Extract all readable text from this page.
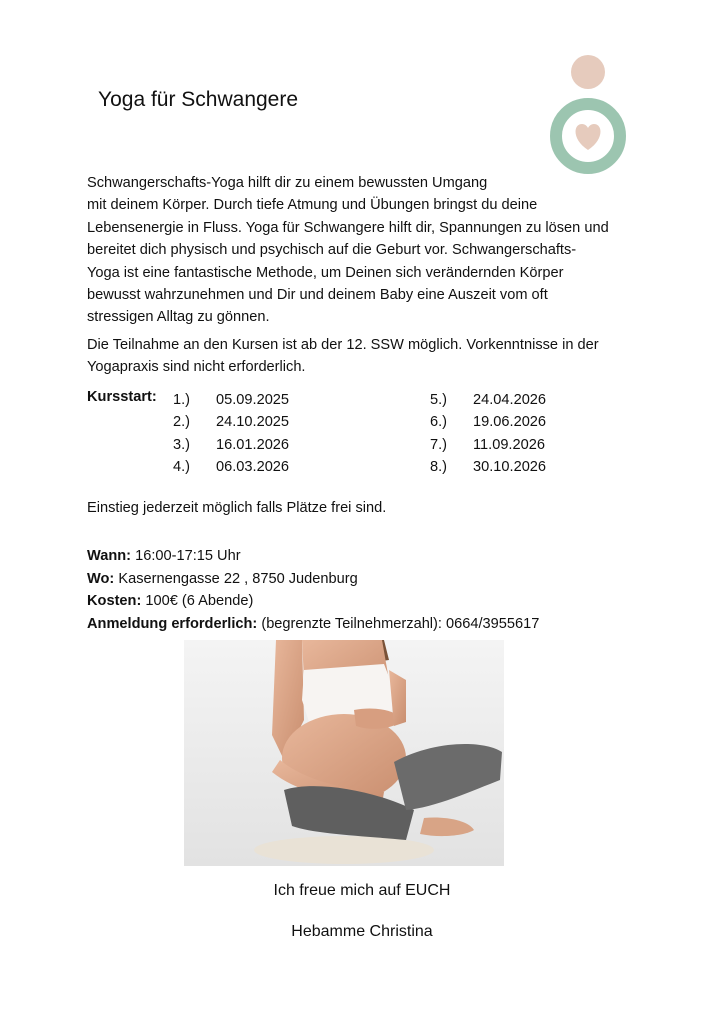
Yoga für Schwangere
Schwangerschafts-Yoga hilft dir zu einem bewussten Umgang
mit deinem Körper. Durch tiefe Atmung und Übungen bringst du deine
Lebensenergie in Fluss. Yoga für Schwangere hilft dir, Spannungen zu lösen und
bereitet dich physisch und psychisch auf die Geburt vor. Schwangerschafts-
Yoga ist eine fantastische Methode, um Deinen sich verändernden Körper
bewusst wahrzunehmen und Dir und deinem Baby eine Auszeit vom oft
stressigen Alltag zu gönnen.
Die Teilnahme an den Kursen ist ab der 12. SSW möglich. Vorkenntnisse in der
Yogapraxis sind nicht erforderlich.
Kursstart: 1.) 05.09.2025
2.) 24.10.2025
3.) 16.01.2026
4.) 06.03.2026
5.) 24.04.2026
6.) 19.06.2026
7.) 11.09.2026
8.) 30.10.2026
Einstieg jederzeit möglich falls Plätze frei sind.
Wann: 16:00-17:15 Uhr
Wo: Kasernengasse 22 , 8750 Judenburg
Kosten: 100€ (6 Abende)
Anmeldung erforderlich: (begrenzte Teilnehmerzahl): 0664/3955617
Ich freue mich auf EUCH
Hebamme Christina
